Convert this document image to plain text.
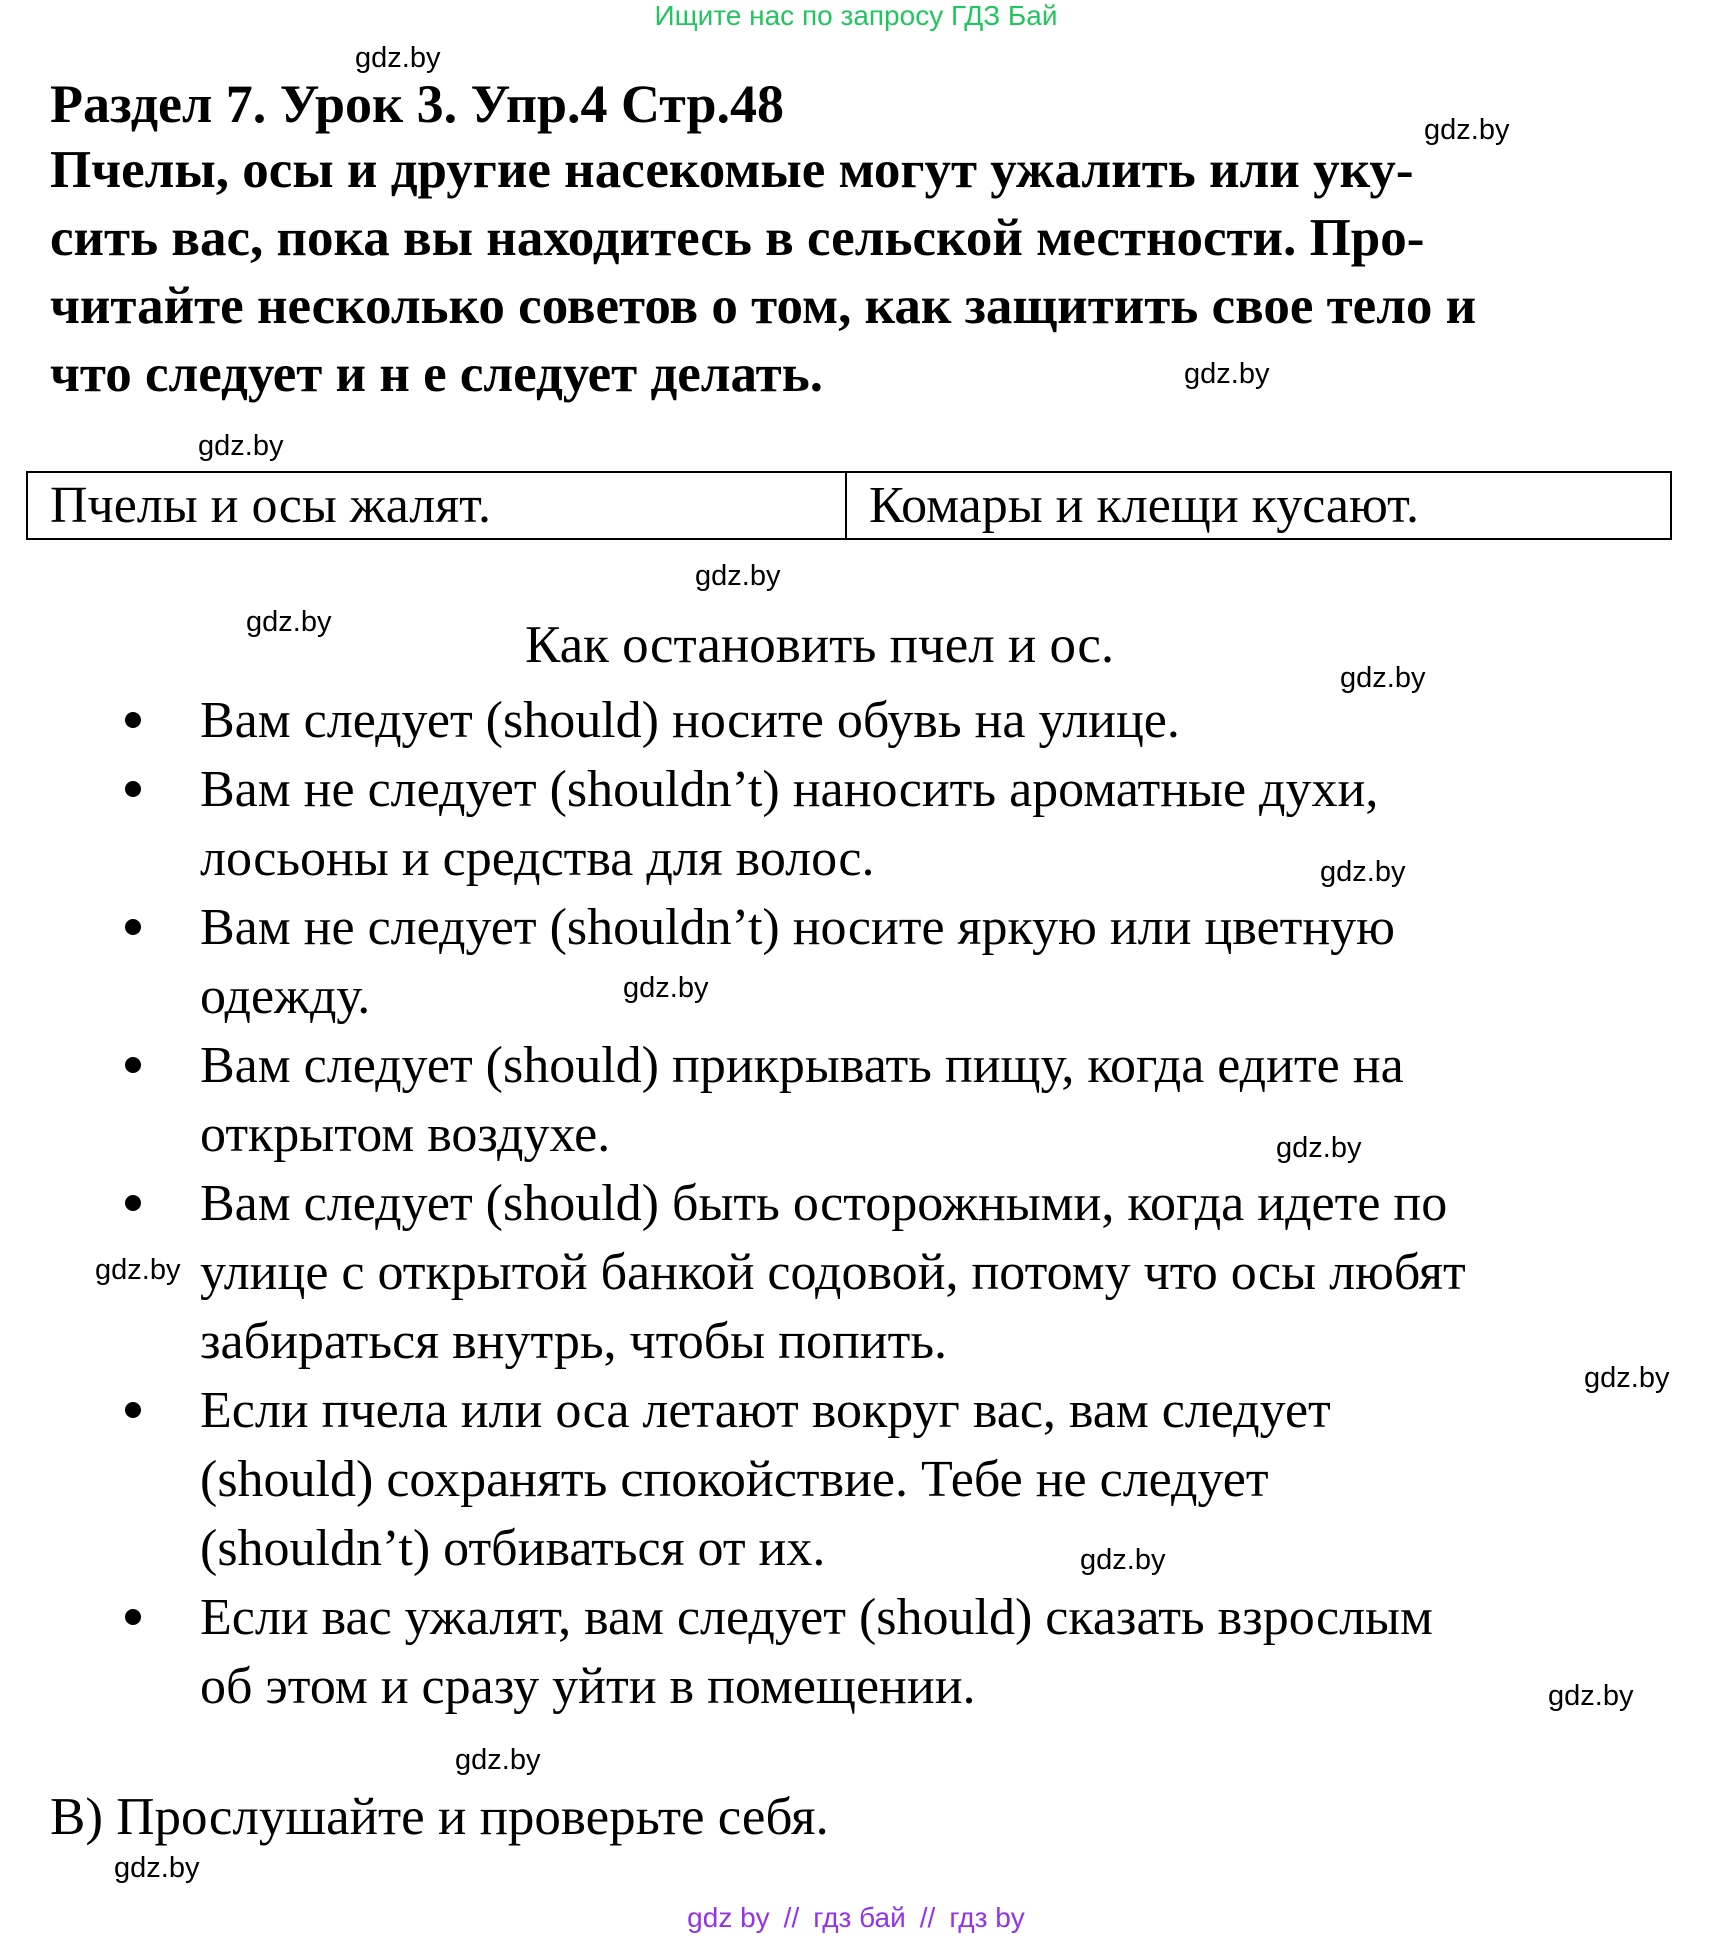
Ищите нас по запросу ГДЗ Бай
gdz.by
gdz.by
gdz.by
gdz.by
gdz.by
gdz.by
gdz.by
gdz.by
gdz.by
gdz.by
gdz.by
gdz.by
gdz.by
gdz.by
gdz.by
gdz.by
Раздел 7. Урок 3. Упр.4 Стр.48
Пчелы, осы и другие насекомые могут ужалить или уку-
сить вас, пока вы находитесь в сельской местности. Про-
читайте несколько советов о том, как защитить свое тело и
что следует и н е следует делать.
Пчелы и осы жалят.	Комары и клещи кусают.
Как остановить пчел и ос.
Вам следует (should) носите обувь на улице.
Вам не следует (shouldn’t) наносить ароматные духи,
лосьоны и средства для волос.
Вам не следует (shouldn’t) носите яркую или цветную
одежду.
Вам следует (should) прикрывать пищу, когда едите на
открытом воздухе.
Вам следует (should) быть осторожными, когда идете по
улице с открытой банкой содовой, потому что осы любят
забираться внутрь, чтобы попить.
Если пчела или оса летают вокруг вас, вам следует
(should) сохранять спокойствие. Тебе не следует
(shouldn’t) отбиваться от их.
Если вас ужалят, вам следует (should) сказать взрослым
об этом и сразу уйти в помещении.
B) Прослушайте и проверьте себя.
gdz by // гдз бай // гдз by
